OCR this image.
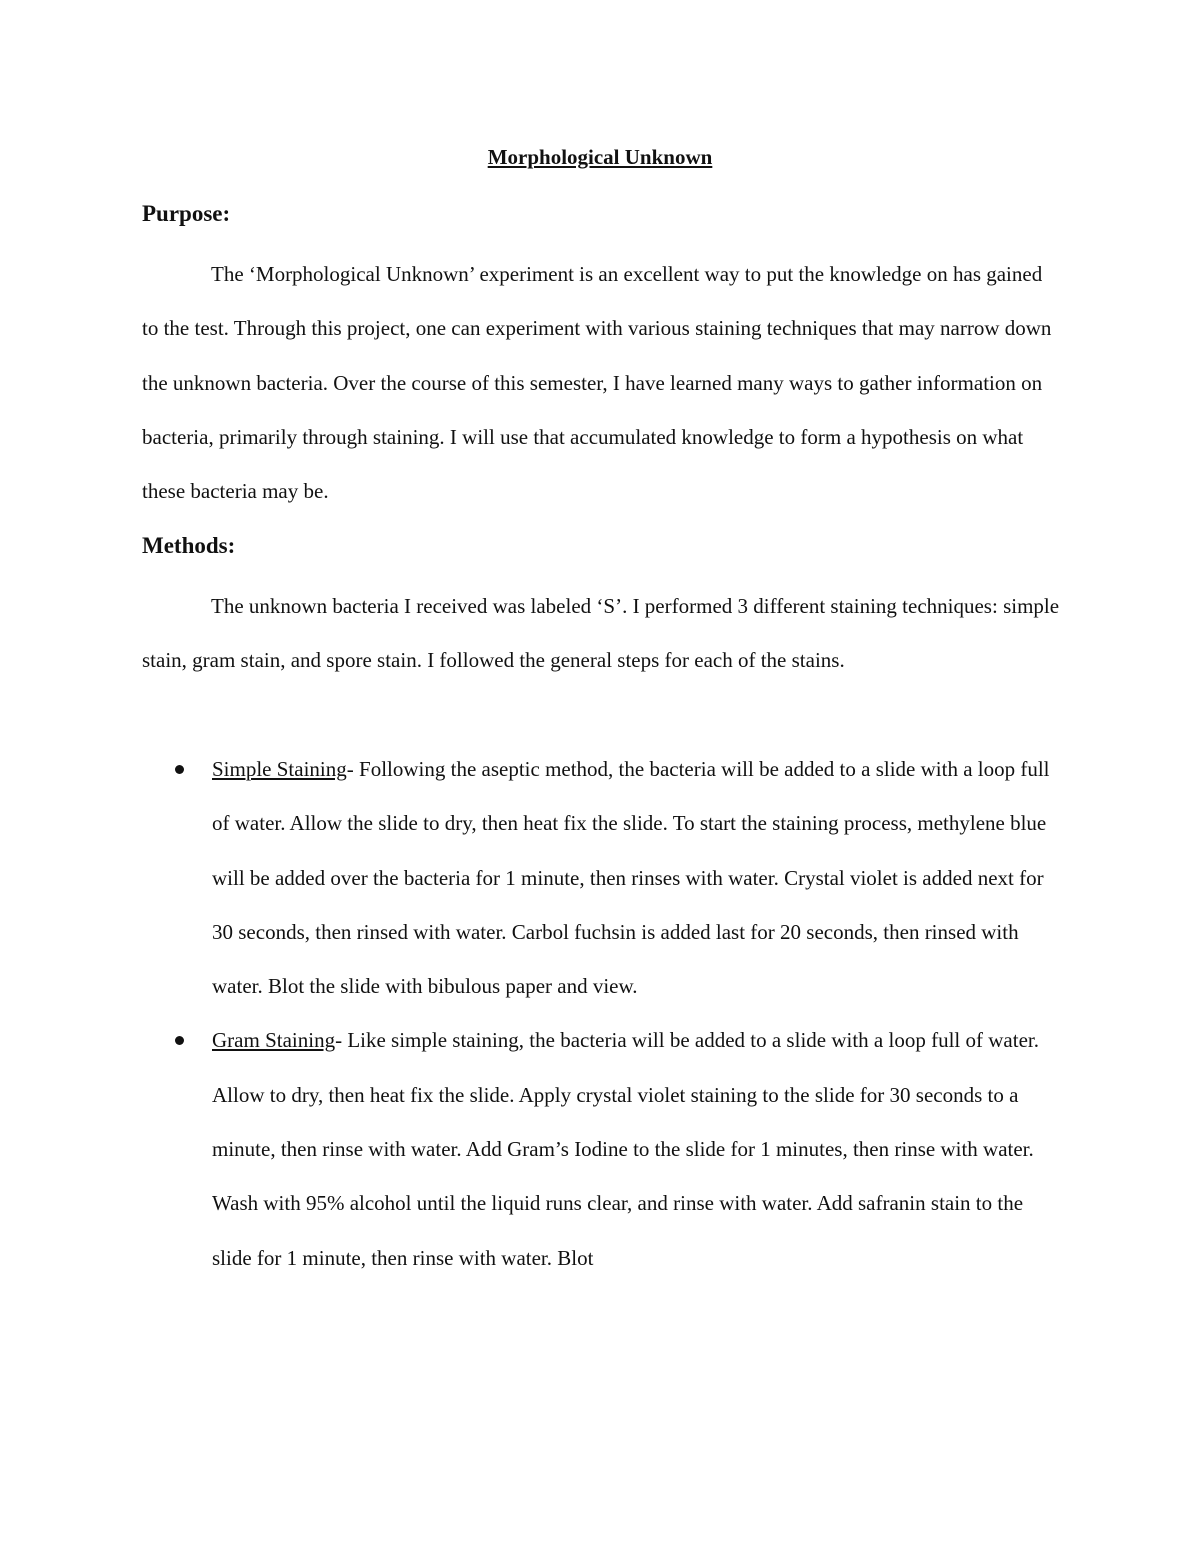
Morphological Unknown
Purpose:

The ‘Morphological Unknown’ experiment is an excellent way to put the knowledge on has gained to the test. Through this project, one can experiment with various staining techniques that may narrow down the unknown bacteria. Over the course of this semester, I have learned many ways to gather information on bacteria, primarily through staining. I will use that accumulated knowledge to form a hypothesis on what these bacteria may be.

Methods:

The unknown bacteria I received was labeled ‘S’. I performed 3 different staining techniques: simple stain, gram stain, and spore stain. I followed the general steps for each of the stains.

Simple Staining- Following the aseptic method, the bacteria will be added to a slide with a loop full of water. Allow the slide to dry, then heat fix the slide. To start the staining process, methylene blue will be added over the bacteria for 1 minute, then rinses with water. Crystal violet is added next for 30 seconds, then rinsed with water. Carbol fuchsin is added last for 20 seconds, then rinsed with water. Blot the slide with bibulous paper and view.
Gram Staining- Like simple staining, the bacteria will be added to a slide with a loop full of water. Allow to dry, then heat fix the slide. Apply crystal violet staining to the slide for 30 seconds to a minute, then rinse with water. Add Gram’s Iodine to the slide for 1 minutes, then rinse with water. Wash with 95% alcohol until the liquid runs clear, and rinse with water. Add safranin stain to the slide for 1 minute, then rinse with water. Blot
